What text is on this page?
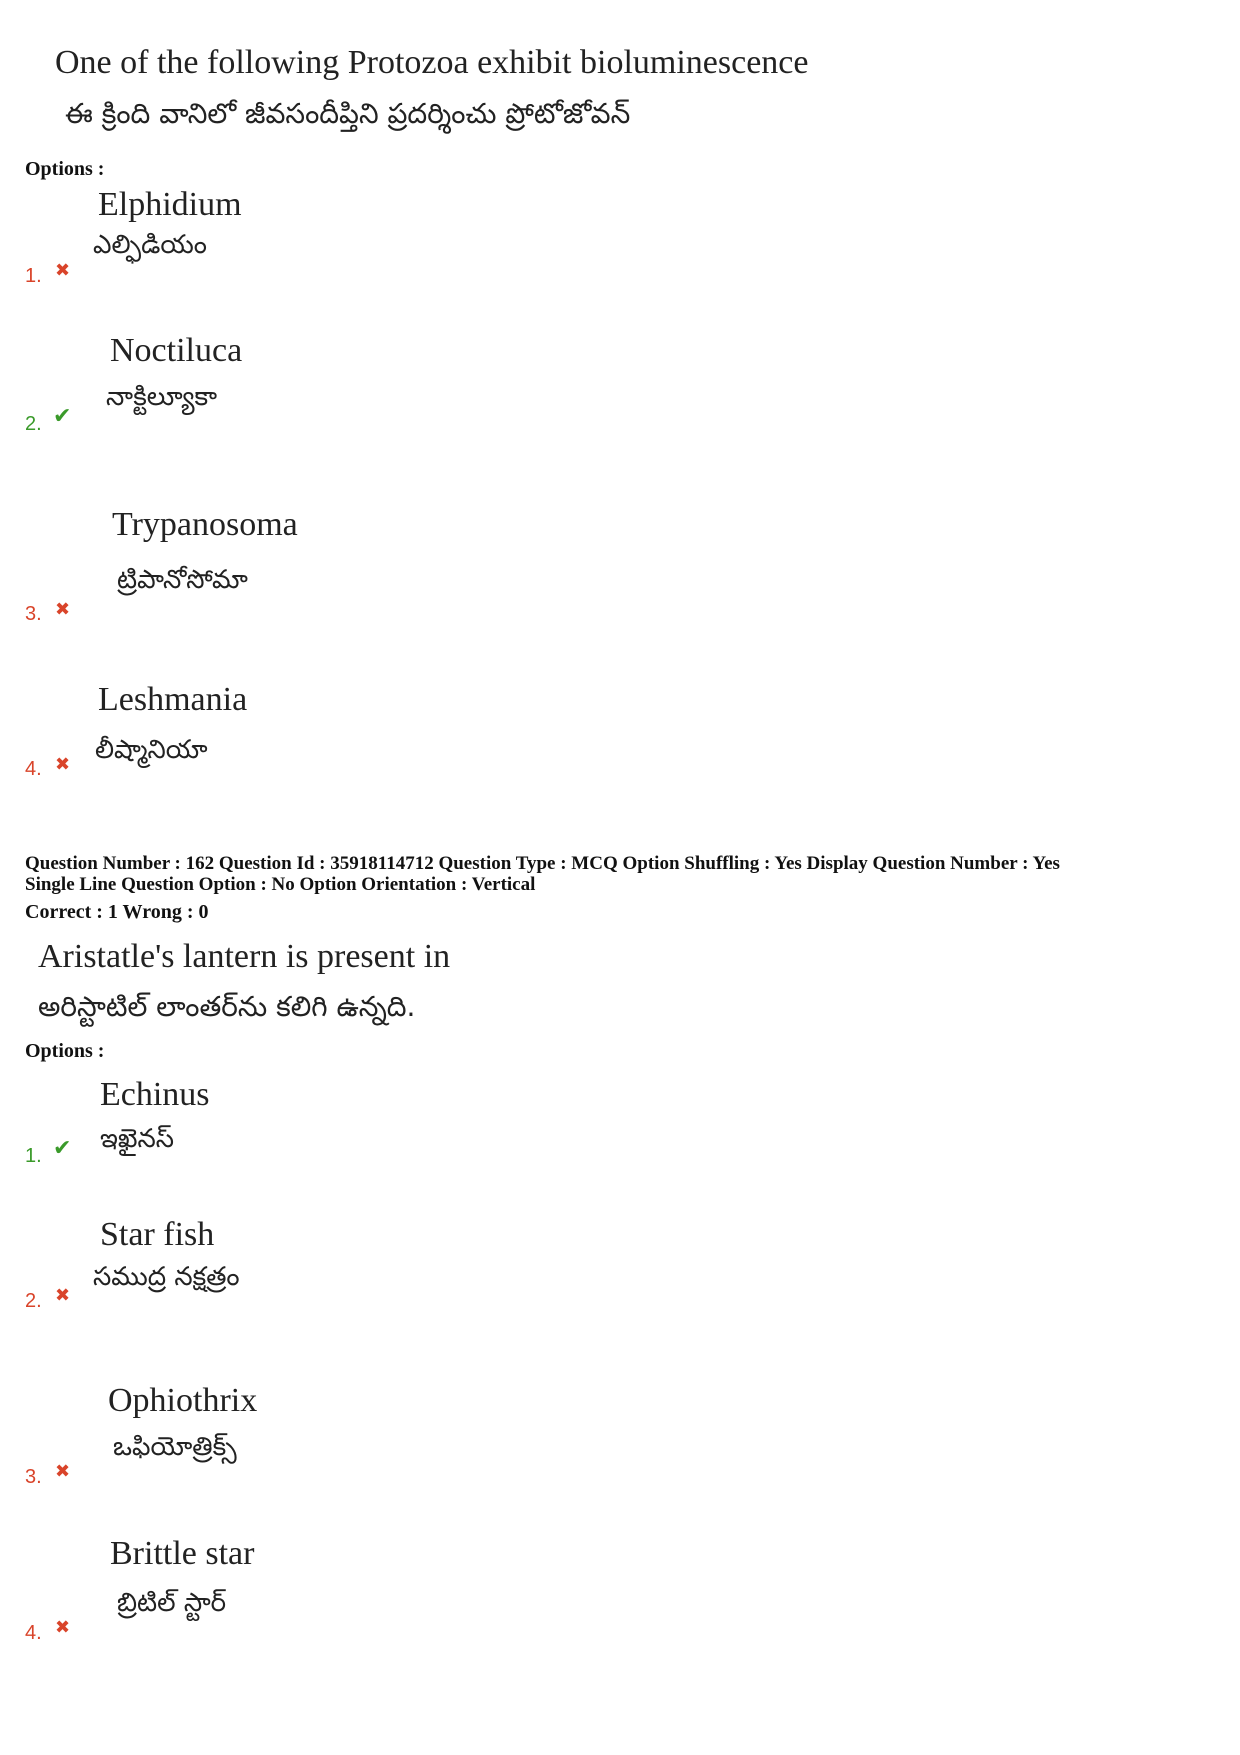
One of the following Protozoa exhibit bioluminescence
ఈ క్రింది వానిలో జీవసందీప్తిని ప్రదర్శించు ప్రోటోజోవన్
Options :
Elphidium
ఎల్ఫిడియం
1. ✖
Noctiluca
నాక్టిల్యూకా
2. ✔
Trypanosoma
ట్రిపానోసోమా
3. ✖
Leshmania
లీష్మానియా
4. ✖
Question Number : 162 Question Id : 35918114712 Question Type : MCQ Option Shuffling : Yes Display Question Number : Yes
Single Line Question Option : No Option Orientation : Vertical
Correct : 1 Wrong : 0
Aristatle's lantern is present in
అరిస్టాటిల్ లాంతర్‌ను కలిగి ఉన్నది.
Options :
Echinus
ఇఖైనస్
1. ✔
Star fish
సముద్ర నక్షత్రం
2. ✖
Ophiothrix
ఒఫియోత్రిక్స్
3. ✖
Brittle star
బ్రిటిల్ స్టార్
4. ✖
